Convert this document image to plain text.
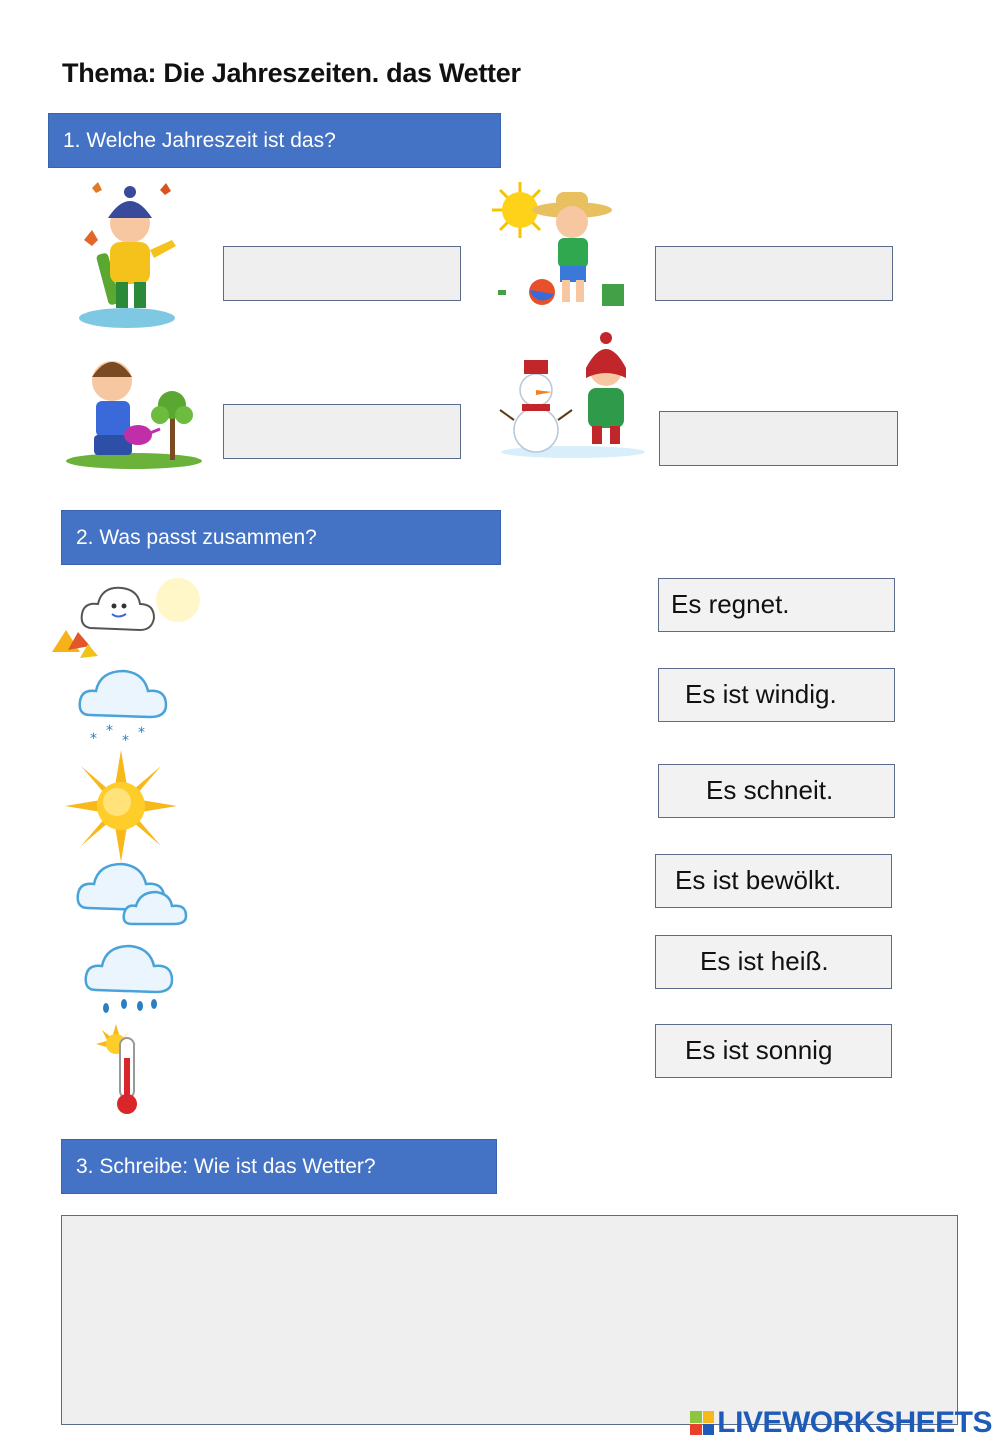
Thema: Die Jahreszeiten. das Wetter
1. Welche Jahreszeit ist das?
2. Was passt zusammen?
* *
* *
Es regnet.
Es ist windig.
Es schneit.
Es ist bewölkt.
Es ist heiß.
Es ist sonnig
3. Schreibe: Wie ist das Wetter?
LIVEWORKSHEETS
